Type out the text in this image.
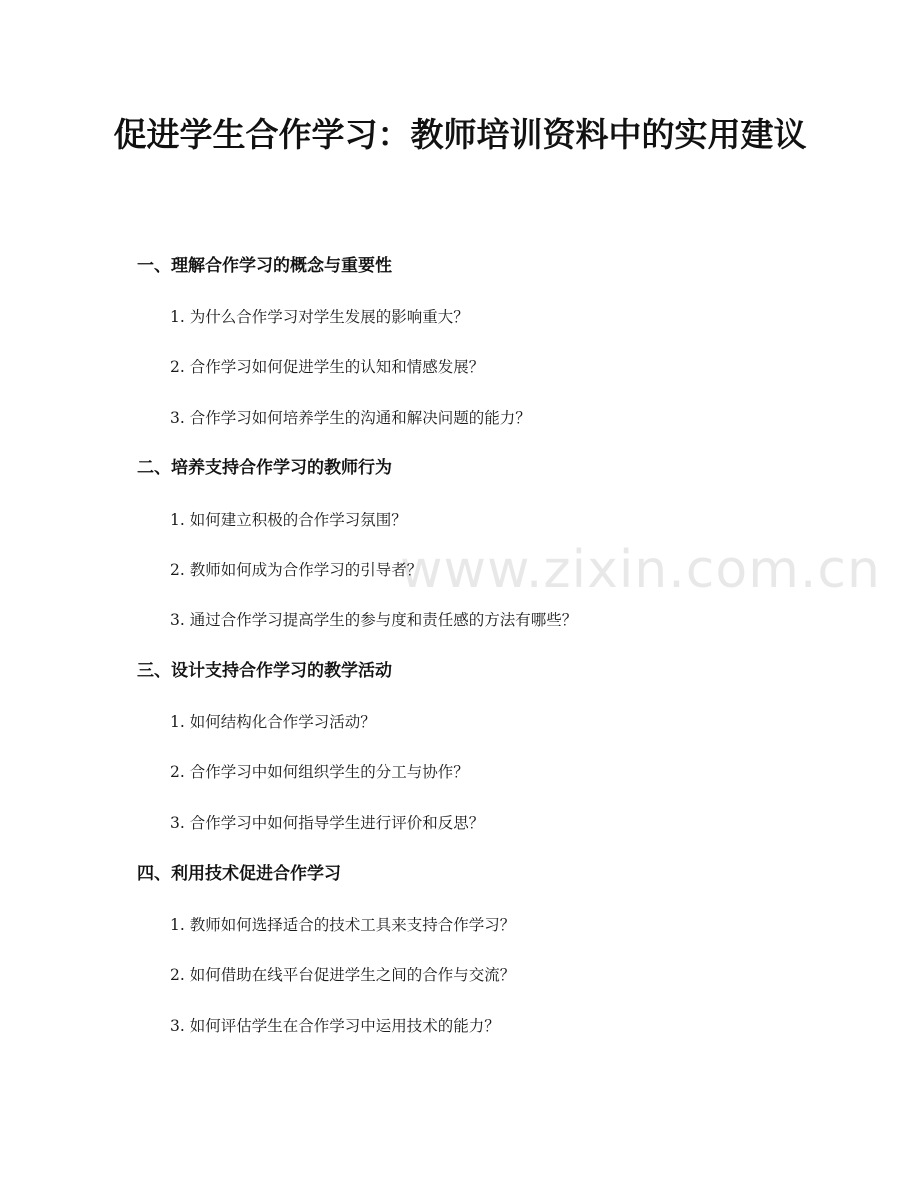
www.zixin.com.cn
促进学生合作学习：教师培训资料中的实用建议
一、理解合作学习的概念与重要性
1. 为什么合作学习对学生发展的影响重大？
2. 合作学习如何促进学生的认知和情感发展？
3. 合作学习如何培养学生的沟通和解决问题的能力？
二、培养支持合作学习的教师行为
1. 如何建立积极的合作学习氛围？
2. 教师如何成为合作学习的引导者？
3. 通过合作学习提高学生的参与度和责任感的方法有哪些？
三、设计支持合作学习的教学活动
1. 如何结构化合作学习活动？
2. 合作学习中如何组织学生的分工与协作？
3. 合作学习中如何指导学生进行评价和反思？
四、利用技术促进合作学习
1. 教师如何选择适合的技术工具来支持合作学习？
2. 如何借助在线平台促进学生之间的合作与交流？
3. 如何评估学生在合作学习中运用技术的能力？
